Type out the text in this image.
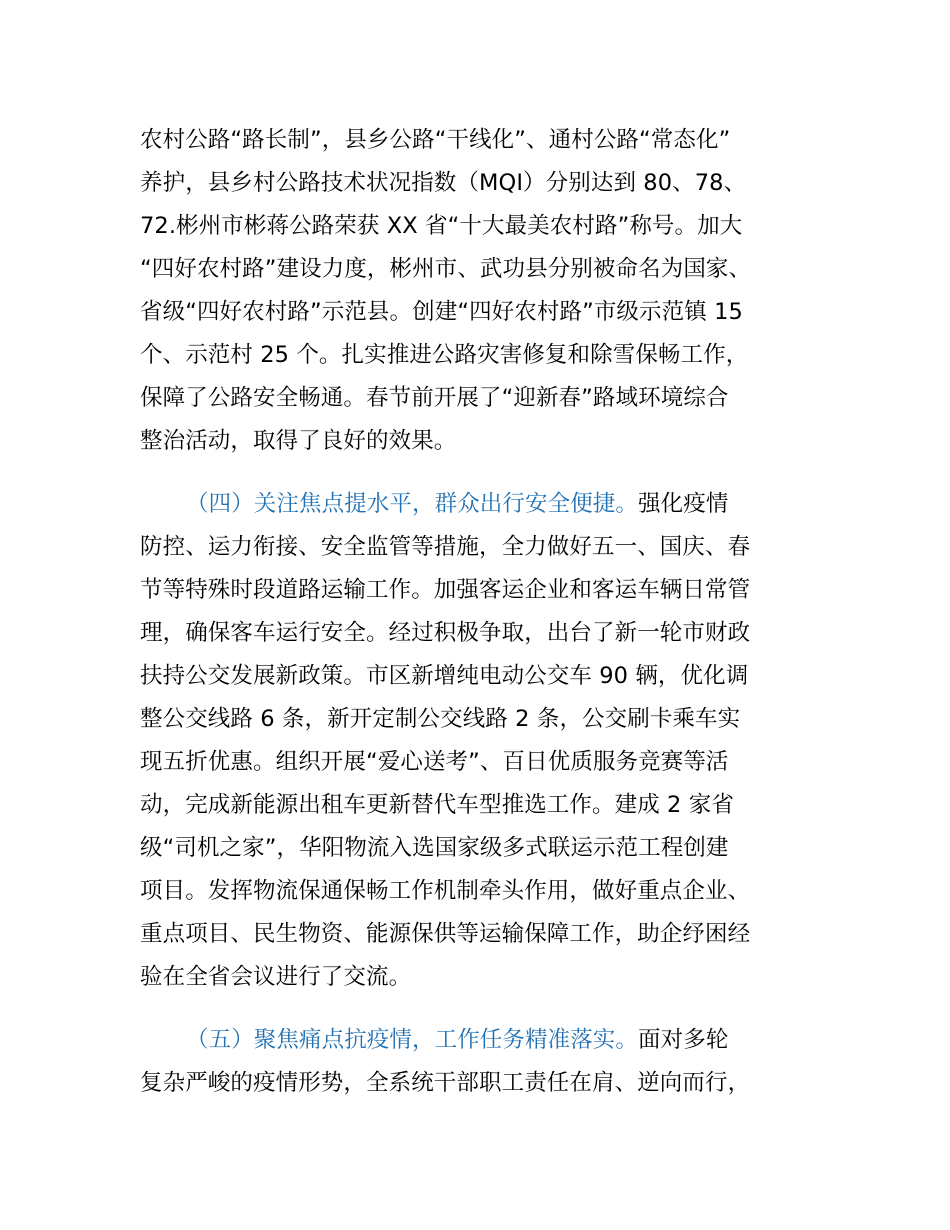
农村公路“路长制”，县乡公路“干线化”、通村公路“常态化”
养护，县乡村公路技术状况指数（MQI）分别达到 80、78、
72.彬州市彬蒋公路荣获 XX 省“十大最美农村路”称号。加大
“四好农村路”建设力度，彬州市、武功县分别被命名为国家、
省级“四好农村路”示范县。创建“四好农村路”市级示范镇 15
个、示范村 25 个。扎实推进公路灾害修复和除雪保畅工作，
保障了公路安全畅通。春节前开展了“迎新春”路域环境综合
整治活动，取得了良好的效果。
（四）关注焦点提水平，群众出行安全便捷。强化疫情
防控、运力衔接、安全监管等措施，全力做好五一、国庆、春
节等特殊时段道路运输工作。加强客运企业和客运车辆日常管
理，确保客车运行安全。经过积极争取，出台了新一轮市财政
扶持公交发展新政策。市区新增纯电动公交车 90 辆，优化调
整公交线路 6 条，新开定制公交线路 2 条，公交刷卡乘车实
现五折优惠。组织开展“爱心送考”、百日优质服务竞赛等活
动，完成新能源出租车更新替代车型推选工作。建成 2 家省
级“司机之家”，华阳物流入选国家级多式联运示范工程创建
项目。发挥物流保通保畅工作机制牵头作用，做好重点企业、
重点项目、民生物资、能源保供等运输保障工作，助企纾困经
验在全省会议进行了交流。
（五）聚焦痛点抗疫情，工作任务精准落实。面对多轮
复杂严峻的疫情形势，全系统干部职工责任在肩、逆向而行，
